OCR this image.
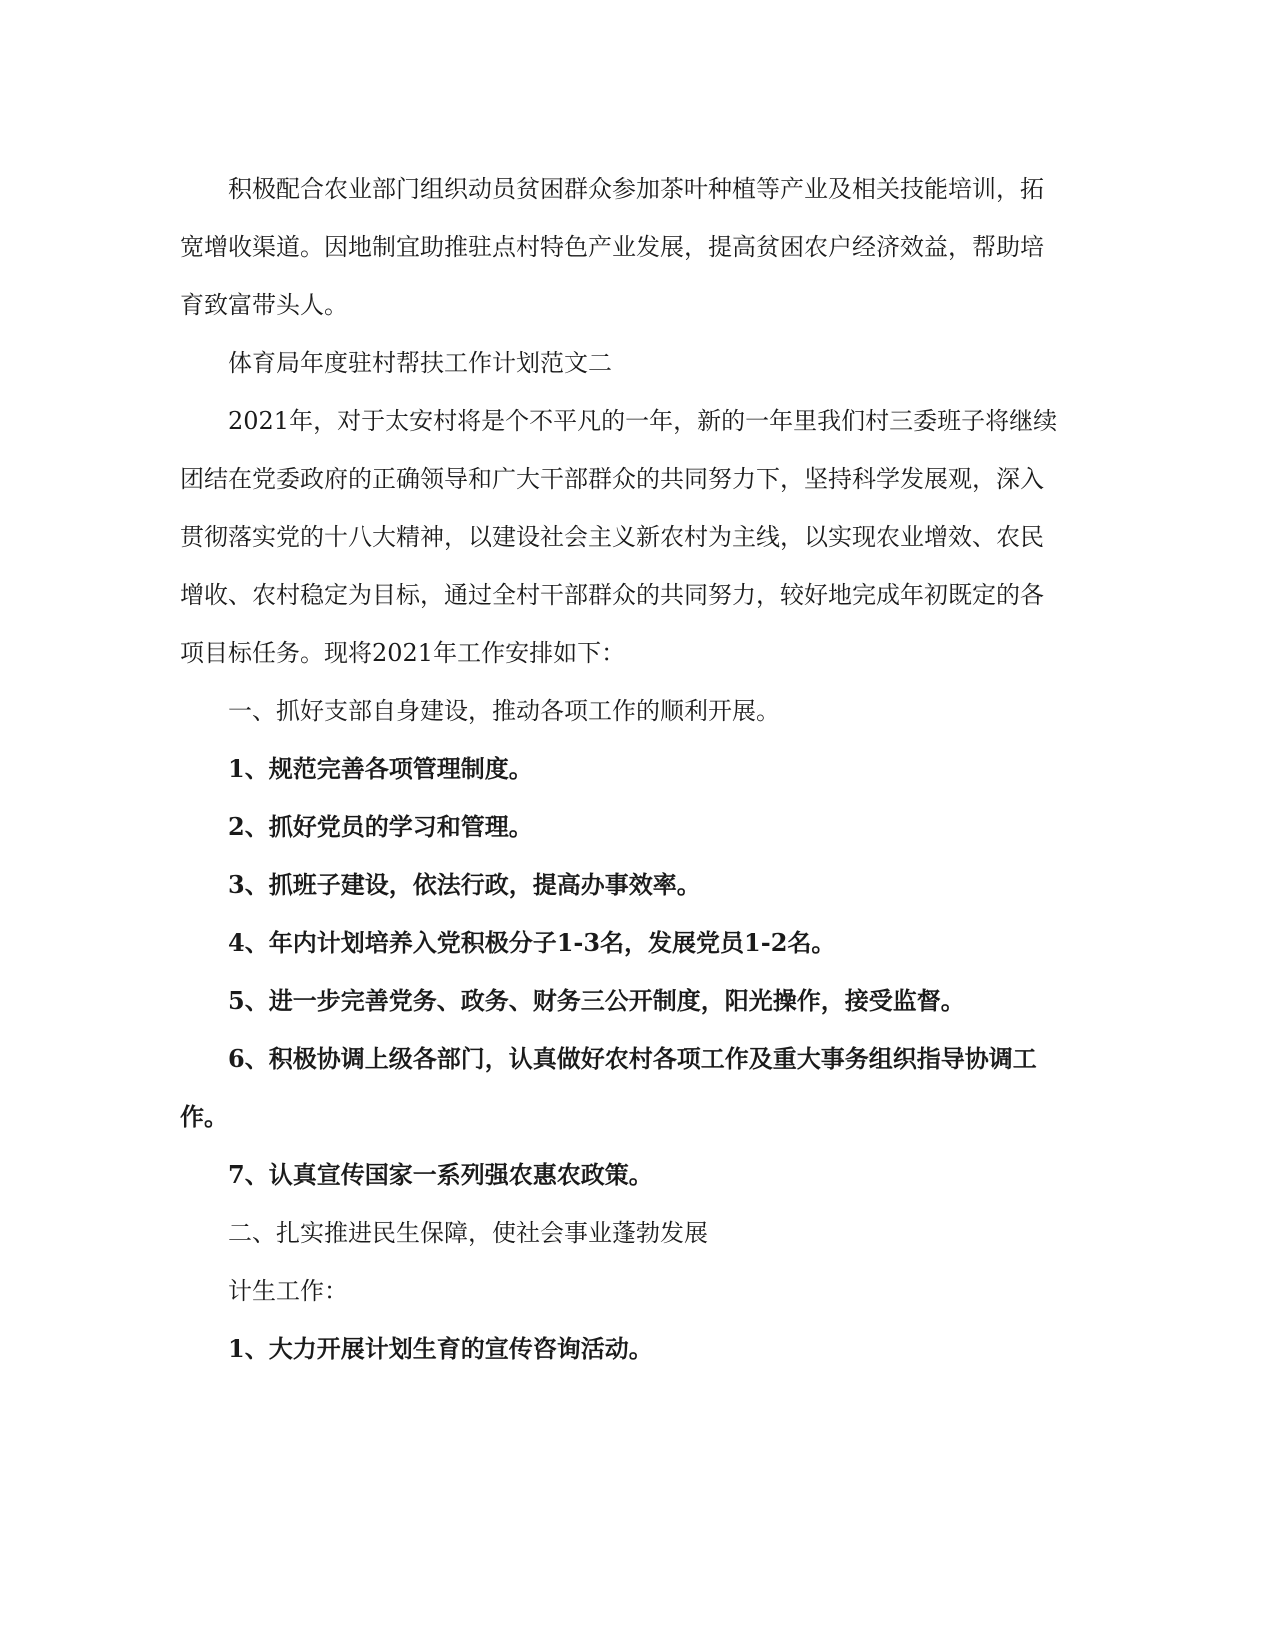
积极配合农业部门组织动员贫困群众参加茶叶种植等产业及相关技能培训，拓

宽增收渠道。因地制宜助推驻点村特色产业发展，提高贫困农户经济效益，帮助培

育致富带头人。

体育局年度驻村帮扶工作计划范文二

2021年，对于太安村将是个不平凡的一年，新的一年里我们村三委班子将继续

团结在党委政府的正确领导和广大干部群众的共同努力下，坚持科学发展观，深入

贯彻落实党的十八大精神，以建设社会主义新农村为主线，以实现农业增效、农民

增收、农村稳定为目标，通过全村干部群众的共同努力，较好地完成年初既定的各

项目标任务。现将2021年工作安排如下：

一、抓好支部自身建设，推动各项工作的顺利开展。

1、规范完善各项管理制度。

2、抓好党员的学习和管理。

3、抓班子建设，依法行政，提高办事效率。

4、年内计划培养入党积极分子1-3名，发展党员1-2名。

5、进一步完善党务、政务、财务三公开制度，阳光操作，接受监督。

6、积极协调上级各部门，认真做好农村各项工作及重大事务组织指导协调工

作。

7、认真宣传国家一系列强农惠农政策。

二、扎实推进民生保障，使社会事业蓬勃发展

计生工作：

1、大力开展计划生育的宣传咨询活动。
